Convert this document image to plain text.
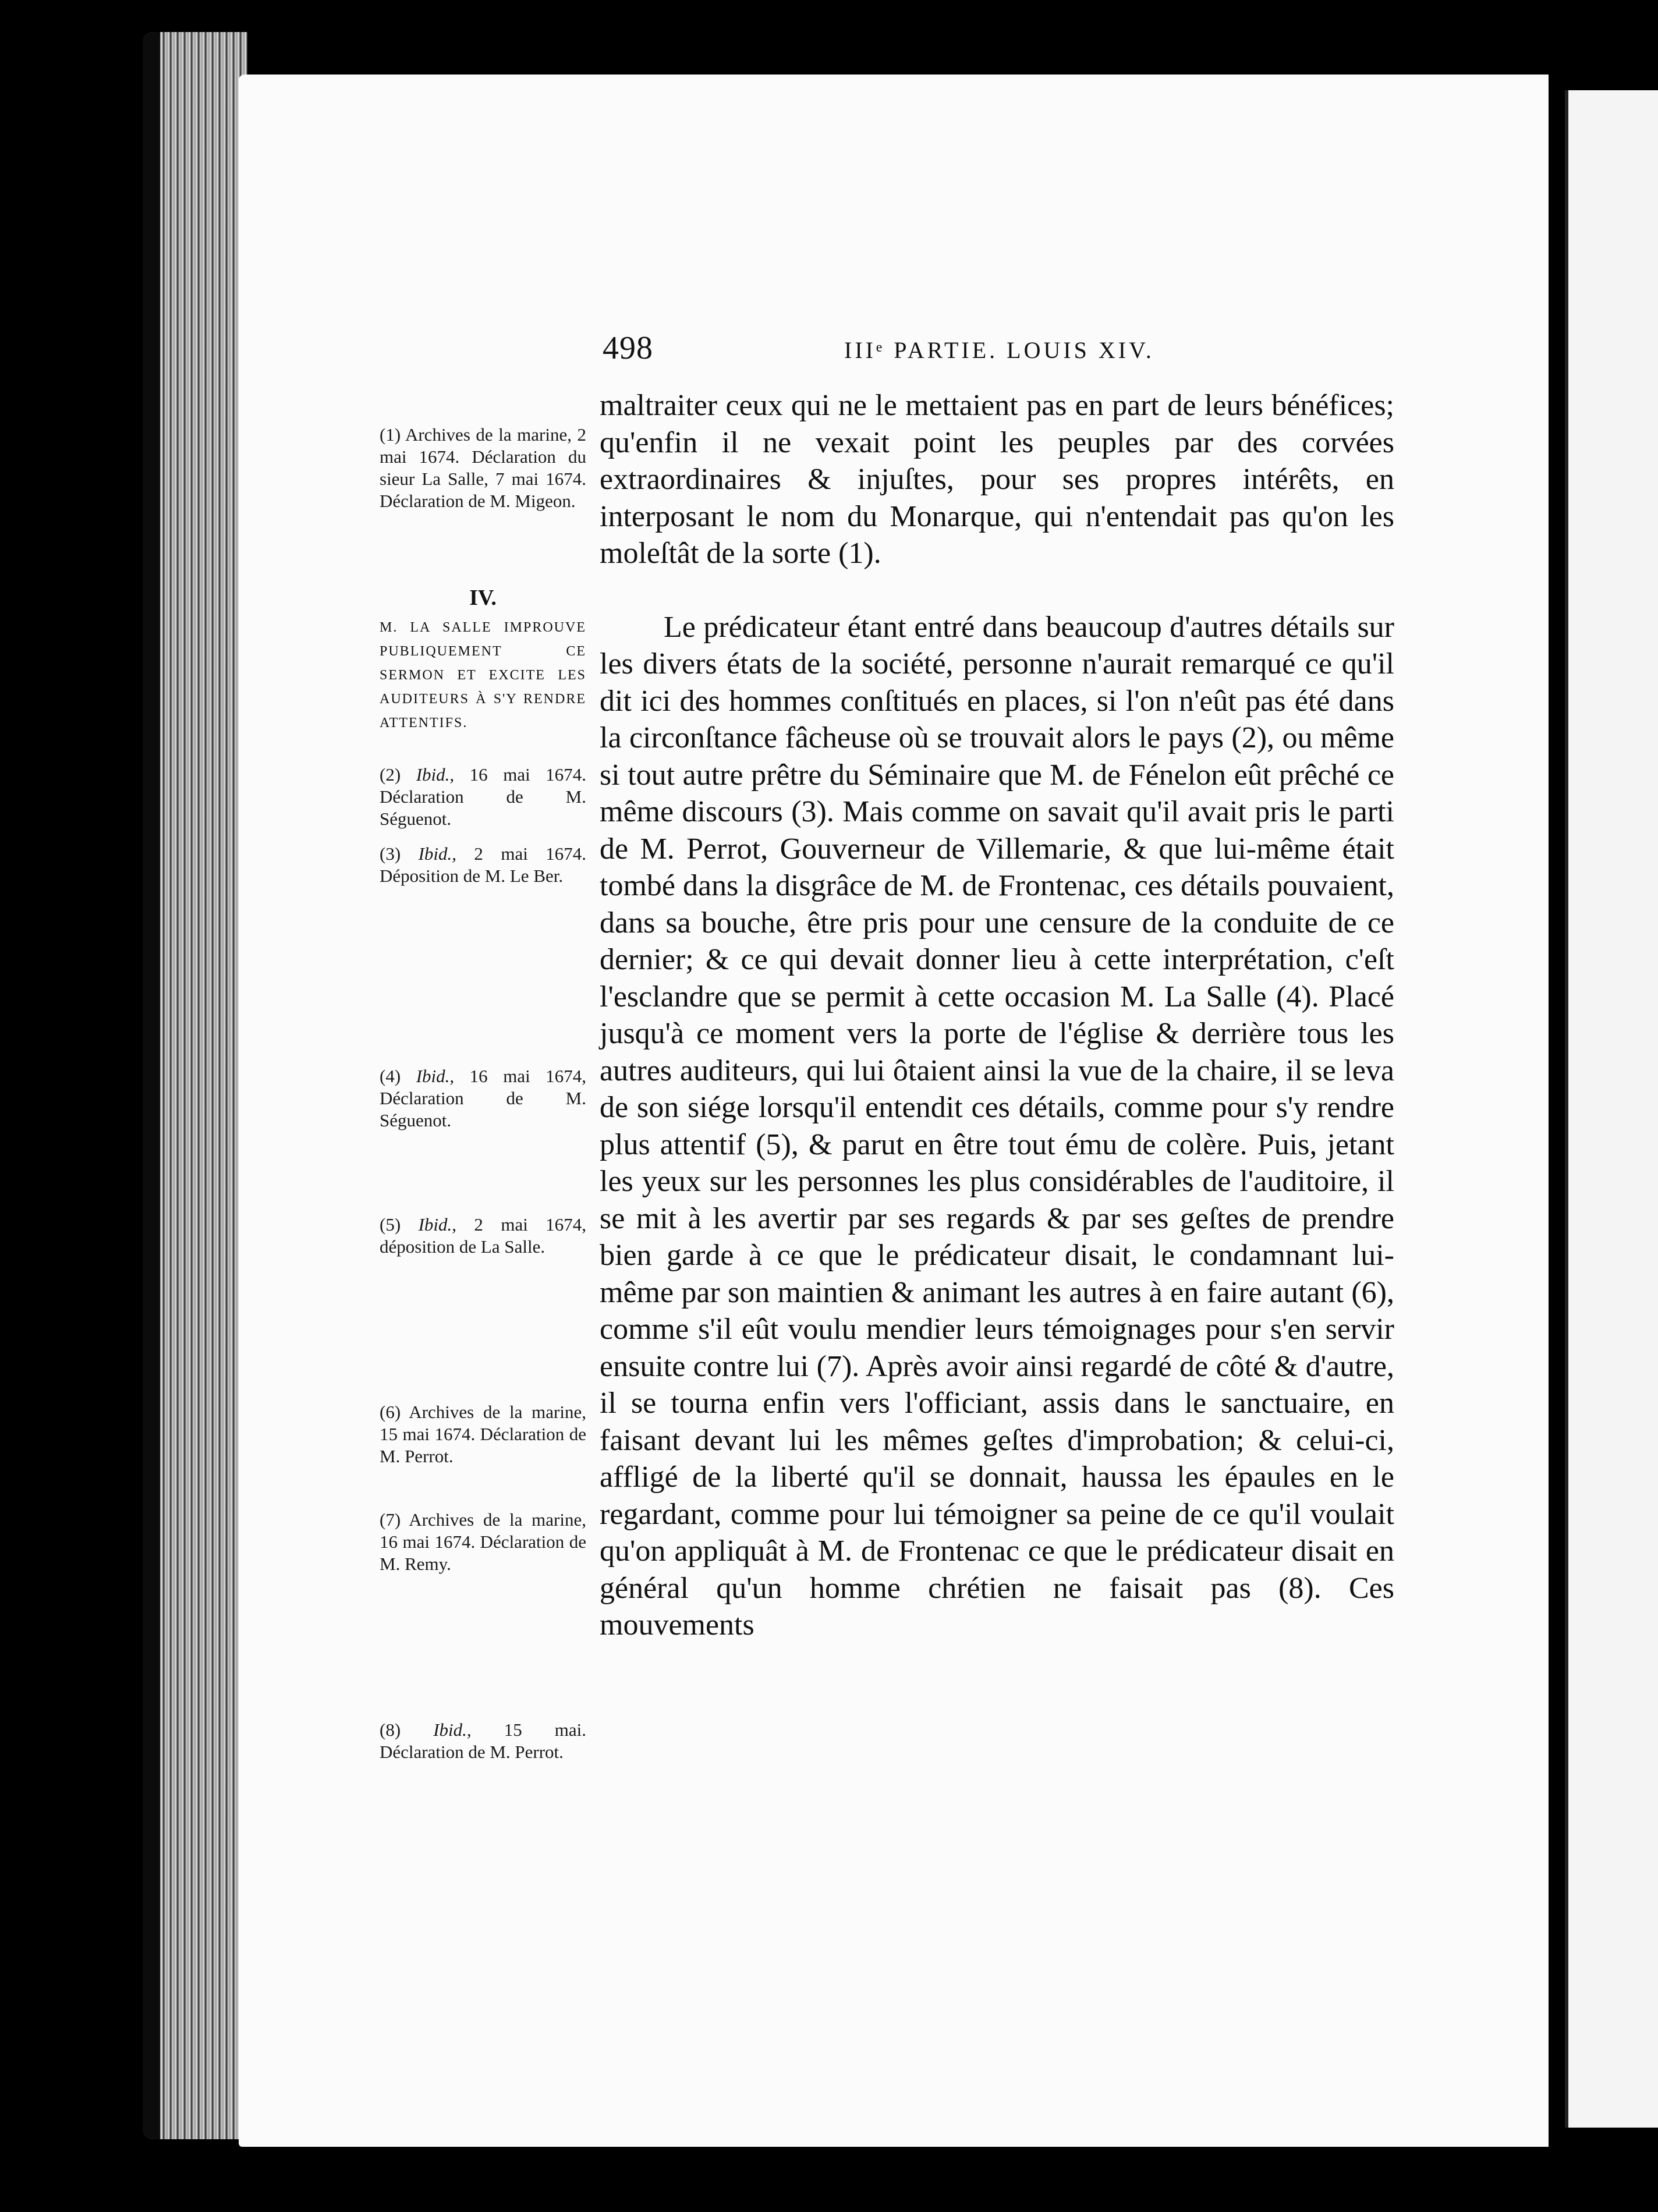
498	IIIᵉ PARTIE. LOUIS XIV.

maltraiter ceux qui ne le mettaient pas en part de leurs bénéfices; qu'enfin il ne vexait point les peuples par des corvées extraordinaires & injuſtes, pour ses propres intérêts, en interposant le nom du Monarque, qui n'entendait pas qu'on les moleſtât de la sorte (1).

Le prédicateur étant entré dans beaucoup d'autres détails sur les divers états de la société, personne n'aurait remarqué ce qu'il dit ici des hommes conſtitués en places, si l'on n'eût pas été dans la circonſtance fâcheuse où se trouvait alors le pays (2), ou même si tout autre prêtre du Séminaire que M. de Fénelon eût prêché ce même discours (3). Mais comme on savait qu'il avait pris le parti de M. Perrot, Gouverneur de Villemarie, & que lui-même était tombé dans la disgrâce de M. de Frontenac, ces détails pouvaient, dans sa bouche, être pris pour une censure de la conduite de ce dernier; & ce qui devait donner lieu à cette interprétation, c'eſt l'esclandre que se permit à cette occasion M. La Salle (4). Placé jusqu'à ce moment vers la porte de l'église & derrière tous les autres auditeurs, qui lui ôtaient ainsi la vue de la chaire, il se leva de son siége lorsqu'il entendit ces détails, comme pour s'y rendre plus attentif (5), & parut en être tout ému de colère. Puis, jetant les yeux sur les personnes les plus considérables de l'auditoire, il se mit à les avertir par ses regards & par ses geſtes de prendre bien garde à ce que le prédicateur disait, le condamnant lui-même par son maintien & animant les autres à en faire autant (6), comme s'il eût voulu mendier leurs témoignages pour s'en servir ensuite contre lui (7). Après avoir ainsi regardé de côté & d'autre, il se tourna enfin vers l'officiant, assis dans le sanctuaire, en faisant devant lui les mêmes geſtes d'improbation; & celui-ci, affligé de la liberté qu'il se donnait, haussa les épaules en le regardant, comme pour lui témoigner sa peine de ce qu'il voulait qu'on appliquât à M. de Frontenac ce que le prédicateur disait en général qu'un homme chrétien ne faisait pas (8). Ces mouvements

(1) Archives de la marine, 2 mai 1674. Déclaration du sieur La Salle, 7 mai 1674. Déclaration de M. Migeon.
IV.
M. LA SALLE IMPROUVE PUBLIQUEMENT CE SERMON ET EXCITE LES AUDITEURS À S'Y RENDRE ATTENTIFS.
(2) Ibid., 16 mai 1674. Déclaration de M. Séguenot.
(3) Ibid., 2 mai 1674. Déposition de M. Le Ber.
(4) Ibid., 16 mai 1674, Déclaration de M. Séguenot.
(5) Ibid., 2 mai 1674, déposition de La Salle.
(6) Archives de la marine, 15 mai 1674. Déclaration de M. Perrot.
(7) Archives de la marine, 16 mai 1674. Déclaration de M. Remy.
(8) Ibid., 15 mai. Déclaration de M. Perrot.
